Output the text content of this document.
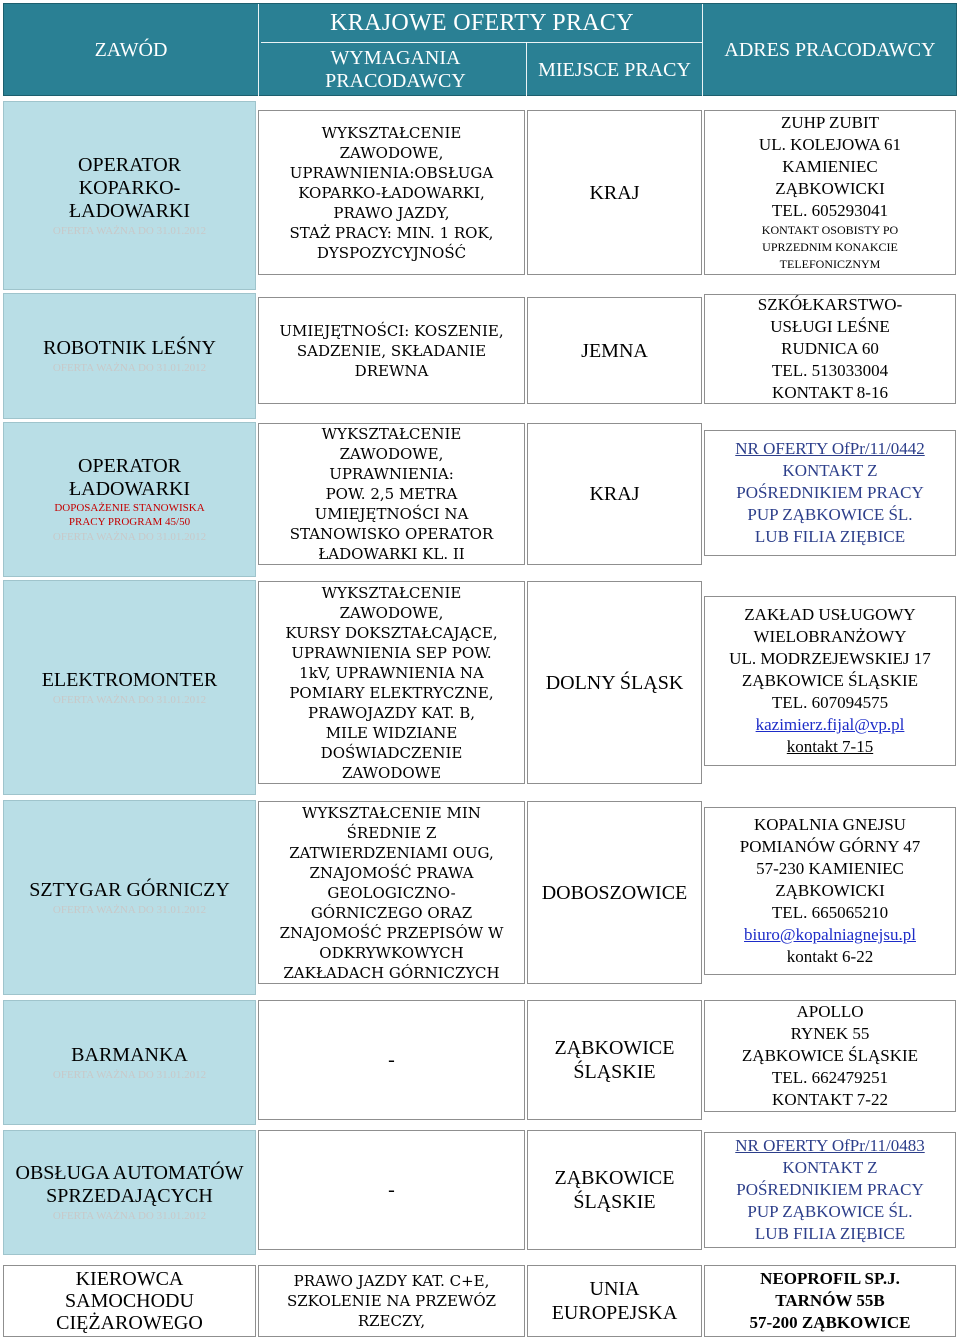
KRAJOWE OFERTY PRACY
ZAWÓD	WYMAGANIA PRACODAWCY
MIEJSCE PRACY
ADRES PRACODAWCY
OPERATOR
KOPARKO-
ŁADOWARKI
OFERTA WAŻNA DO 31.01.2012
WYKSZTAŁCENIE
ZAWODOWE,
UPRAWNIENIA:OBSŁUGA
KOPARKO-ŁADOWARKI,
PRAWO JAZDY,
STAŻ PRACY: MIN. 1 ROK,
DYSPOZYCYJNOŚĆ
KRAJ
ZUHP ZUBIT
UL. KOLEJOWA 61
KAMIENIEC
ZĄBKOWICKI
TEL. 605293041
KONTAKT OSOBISTY PO
UPRZEDNIM KONAKCIE
TELEFONICZNYM
ROBOTNIK LEŚNY
OFERTA WAŻNA DO 31.01.2012
UMIEJĘTNOŚCI: KOSZENIE,
SADZENIE, SKŁADANIE
DREWNA
JEMNA
SZKÓŁKARSTWO-
USŁUGI LEŚNE
RUDNICA 60
TEL. 513033004
KONTAKT 8-16
OPERATOR
ŁADOWARKI
DOPOSAŻENIE STANOWISKA
PRACY PROGRAM 45/50
OFERTA WAŻNA DO 31.01.2012
WYKSZTAŁCENIE
ZAWODOWE,
UPRAWNIENIA:
POW. 2,5 METRA
UMIEJĘTNOŚCI NA
STANOWISKO OPERATOR
ŁADOWARKI KL. II
KRAJ
NR OFERTY OfPr/11/0442
KONTAKT Z
POŚREDNIKIEM PRACY
PUP ZĄBKOWICE ŚL.
LUB FILIA ZIĘBICE
ELEKTROMONTER
OFERTA WAŻNA DO 31.01.2012
WYKSZTAŁCENIE
ZAWODOWE,
KURSY DOKSZTAŁCAJĄCE,
UPRAWNIENIA SEP POW.
1kV, UPRAWNIENIA NA
POMIARY ELEKTRYCZNE,
PRAWOJAZDY KAT. B,
MILE WIDZIANE
DOŚWIADCZENIE
ZAWODOWE
DOLNY ŚLĄSK
ZAKŁAD USŁUGOWY
WIELOBRANŻOWY
UL. MODRZEJEWSKIEJ 17
ZĄBKOWICE ŚLĄSKIE
TEL. 607094575
kazimierz.fijal@vp.pl
kontakt 7-15
SZTYGAR GÓRNICZY
OFERTA WAŻNA DO 31.01.2012
WYKSZTAŁCENIE MIN
ŚREDNIE Z
ZATWIERDZENIAMI OUG,
ZNAJOMOŚĆ PRAWA
GEOLOGICZNO-
GÓRNICZEGO ORAZ
ZNAJOMOŚĆ PRZEPISÓW W
ODKRYWKOWYCH
ZAKŁADACH GÓRNICZYCH
DOBOSZOWICE
KOPALNIA GNEJSU
POMIANÓW GÓRNY 47
57-230 KAMIENIEC
ZĄBKOWICKI
TEL. 665065210
biuro@kopalniagnejsu.pl
kontakt 6-22
BARMANKA
OFERTA WAŻNA DO 31.01.2012
-
ZĄBKOWICE
ŚLĄSKIE
APOLLO
RYNEK 55
ZĄBKOWICE ŚLĄSKIE
TEL. 662479251
KONTAKT 7-22
OBSŁUGA AUTOMATÓW
SPRZEDAJĄCYCH
OFERTA WAŻNA DO 31.01.2012
-
ZĄBKOWICE
ŚLĄSKIE
NR OFERTY OfPr/11/0483
KONTAKT Z
POŚREDNIKIEM PRACY
PUP ZĄBKOWICE ŚL.
LUB FILIA ZIĘBICE
KIEROWCA
SAMOCHODU
CIĘŻAROWEGO
PRAWO JAZDY KAT. C+E,
SZKOLENIE NA PRZEWÓZ
RZECZY,
UNIA
EUROPEJSKA
NEOPROFIL SP.J.
TARNÓW 55B
57-200 ZĄBKOWICE
